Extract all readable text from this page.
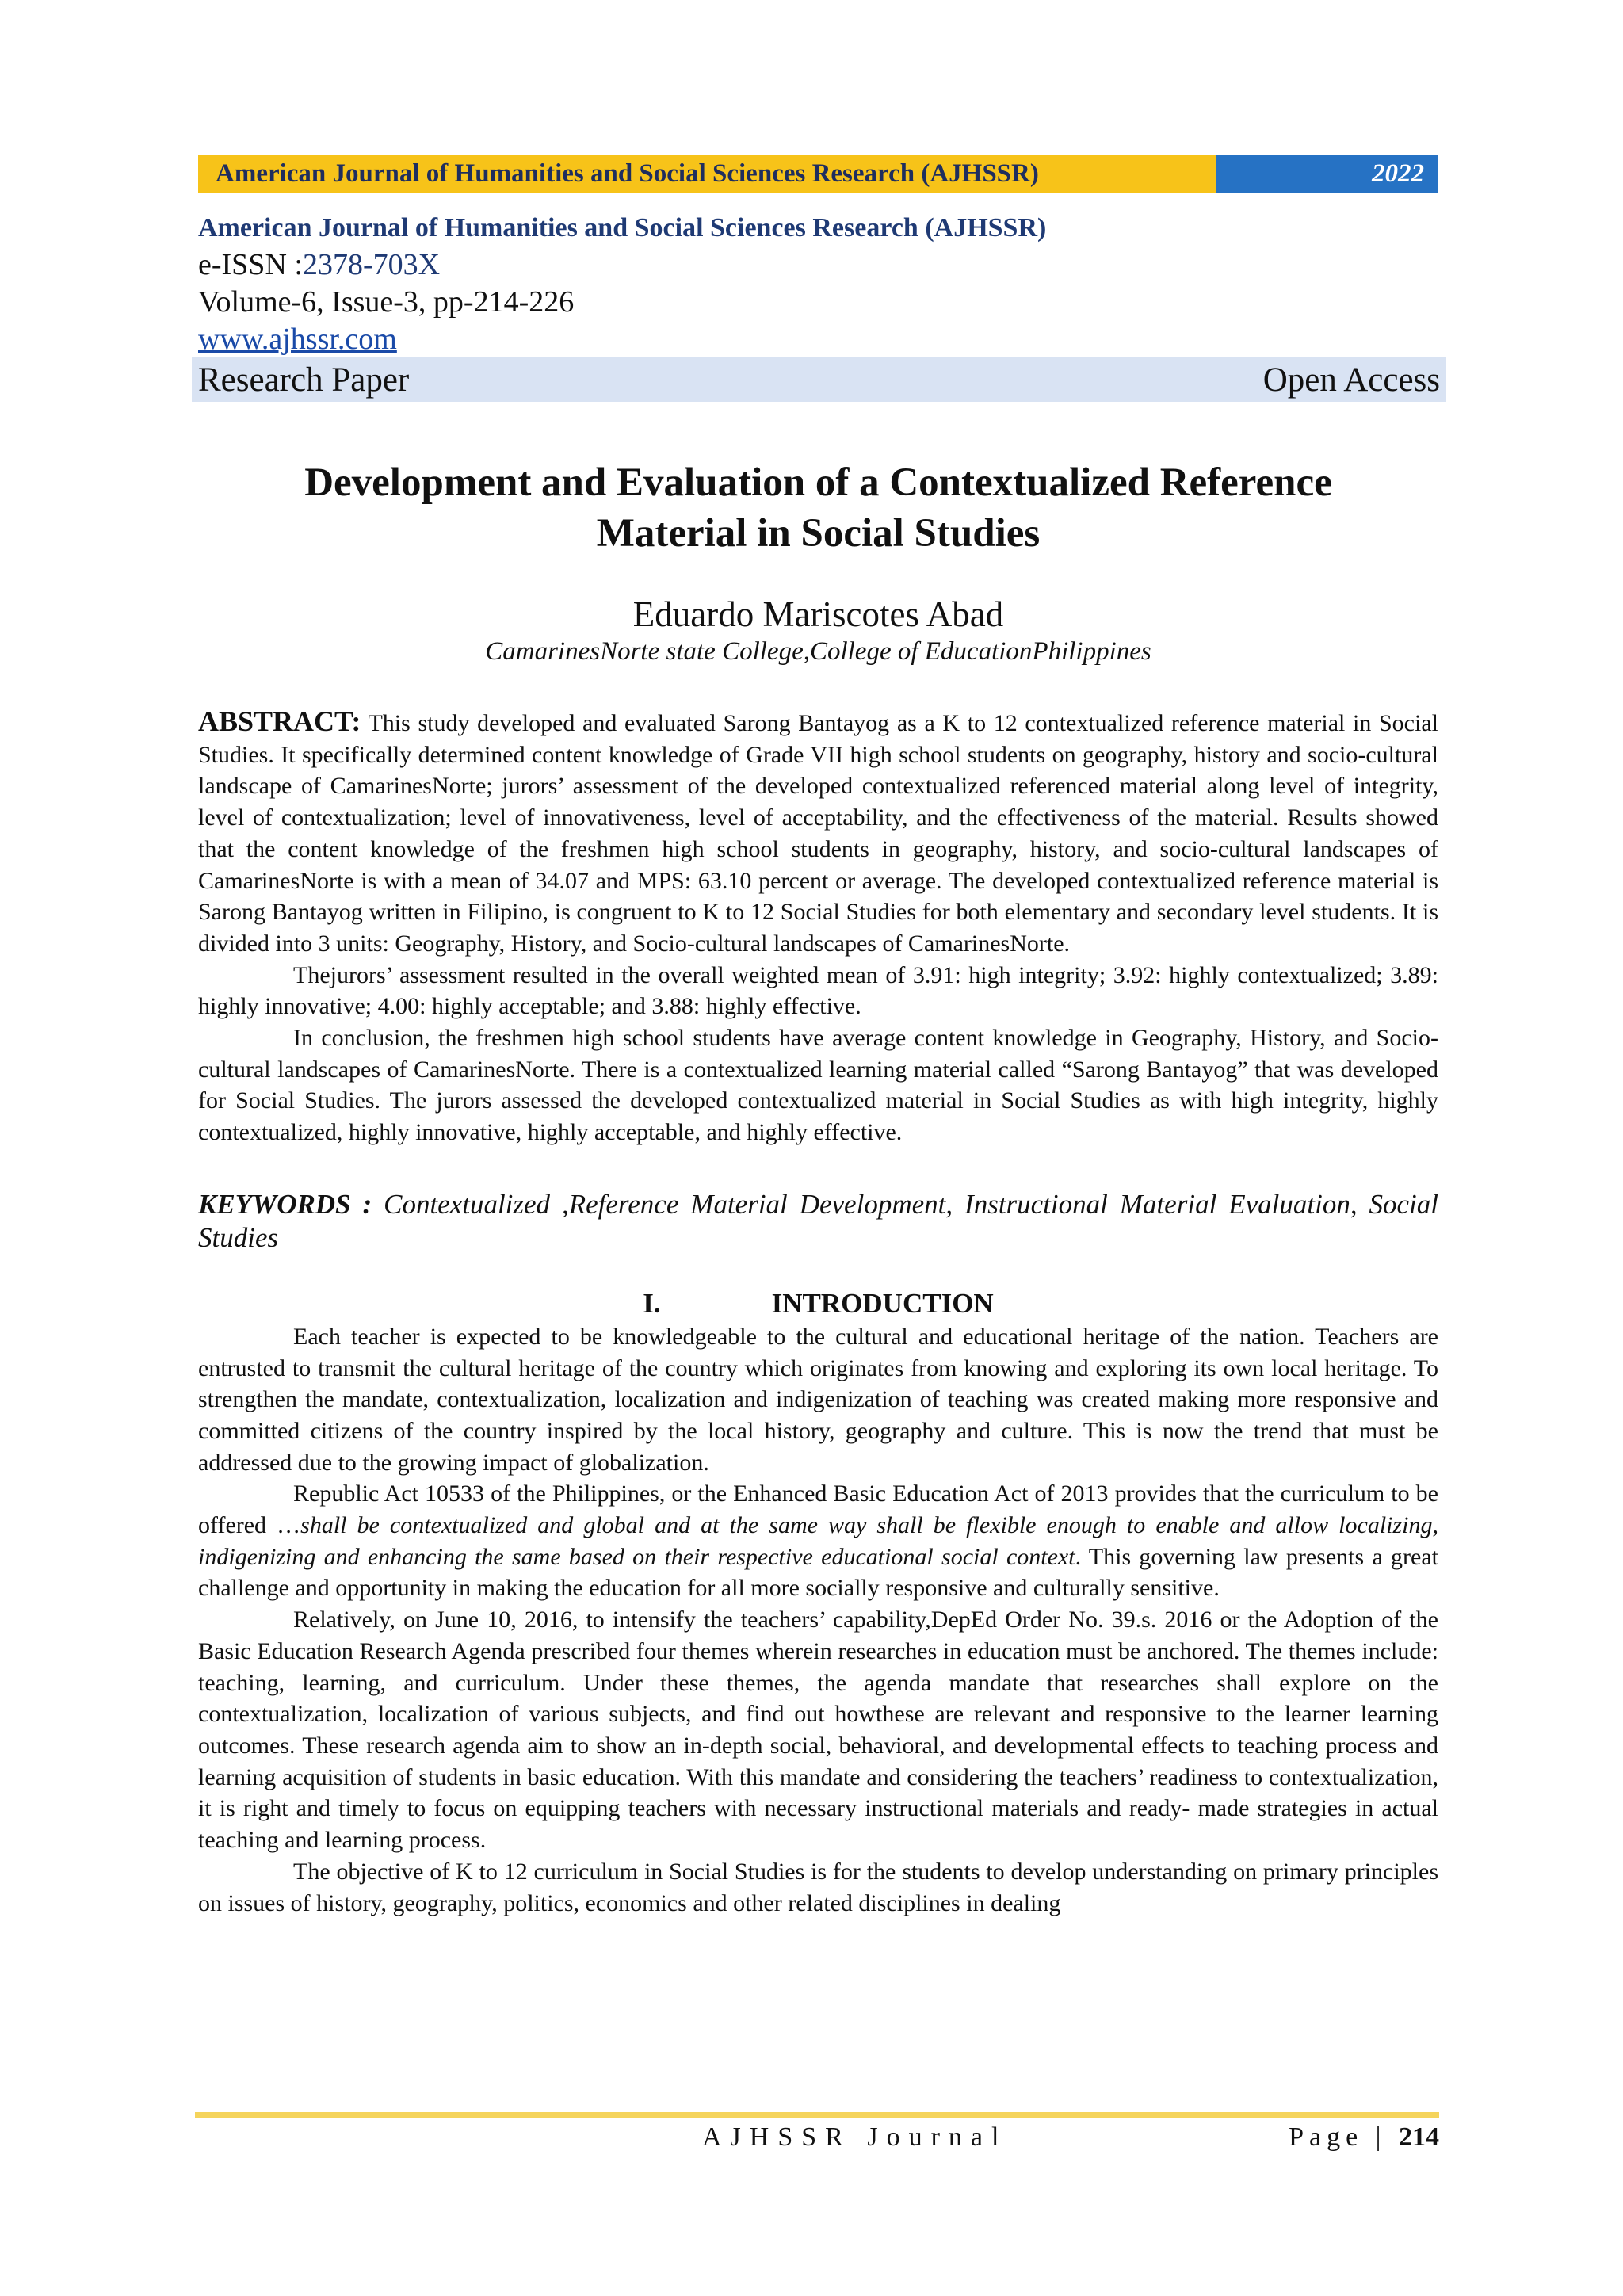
American Journal of Humanities and Social Sciences Research (AJHSSR)	2022
American Journal of Humanities and Social Sciences Research (AJHSSR)
e-ISSN :2378-703X
Volume-6, Issue-3, pp-214-226
www.ajhssr.com
Research Paper	Open Access
Development and Evaluation of a Contextualized Reference
Material in Social Studies
Eduardo Mariscotes Abad
CamarinesNorte state College,College of EducationPhilippines

ABSTRACT: This study developed and evaluated Sarong Bantayog as a K to 12 contextualized reference material in Social Studies. It specifically determined content knowledge of Grade VII high school students on geography, history and socio-cultural landscape of CamarinesNorte; jurors’ assessment of the developed contextualized referenced material along level of integrity, level of contextualization; level of innovativeness, level of acceptability, and the effectiveness of the material. Results showed that the content knowledge of the freshmen high school students in geography, history, and socio-cultural landscapes of CamarinesNorte is with a mean of 34.07 and MPS: 63.10 percent or average. The developed contextualized reference material is Sarong Bantayog written in Filipino, is congruent to K to 12 Social Studies for both elementary and secondary level students. It is divided into 3 units: Geography, History, and Socio-cultural landscapes of CamarinesNorte.

Thejurors’ assessment resulted in the overall weighted mean of 3.91: high integrity; 3.92: highly contextualized; 3.89: highly innovative; 4.00: highly acceptable; and 3.88: highly effective.

In conclusion, the freshmen high school students have average content knowledge in Geography, History, and Socio-cultural landscapes of CamarinesNorte. There is a contextualized learning material called “Sarong Bantayog” that was developed for Social Studies. The jurors assessed the developed contextualized material in Social Studies as with high integrity, highly contextualized, highly innovative, highly acceptable, and highly effective.

KEYWORDS : Contextualized ,Reference Material Development, Instructional Material Evaluation, Social Studies
I.	INTRODUCTION

Each teacher is expected to be knowledgeable to the cultural and educational heritage of the nation. Teachers are entrusted to transmit the cultural heritage of the country which originates from knowing and exploring its own local heritage. To strengthen the mandate, contextualization, localization and indigenization of teaching was created making more responsive and committed citizens of the country inspired by the local history, geography and culture. This is now the trend that must be addressed due to the growing impact of globalization.

Republic Act 10533 of the Philippines, or the Enhanced Basic Education Act of 2013 provides that the curriculum to be offered …shall be contextualized and global and at the same way shall be flexible enough to enable and allow localizing, indigenizing and enhancing the same based on their respective educational social context. This governing law presents a great challenge and opportunity in making the education for all more socially responsive and culturally sensitive.

Relatively, on June 10, 2016, to intensify the teachers’ capability,DepEd Order No. 39.s. 2016 or the Adoption of the Basic Education Research Agenda prescribed four themes wherein researches in education must be anchored. The themes include: teaching, learning, and curriculum. Under these themes, the agenda mandate that researches shall explore on the contextualization, localization of various subjects, and find out howthese are relevant and responsive to the learner learning outcomes. These research agenda aim to show an in-depth social, behavioral, and developmental effects to teaching process and learning acquisition of students in basic education. With this mandate and considering the teachers’ readiness to contextualization, it is right and timely to focus on equipping teachers with necessary instructional materials and ready- made strategies in actual teaching and learning process.

The objective of K to 12 curriculum in Social Studies is for the students to develop understanding on primary principles on issues of history, geography, politics, economics and other related disciplines in dealing

AJHSSR Journal	Page | 214
